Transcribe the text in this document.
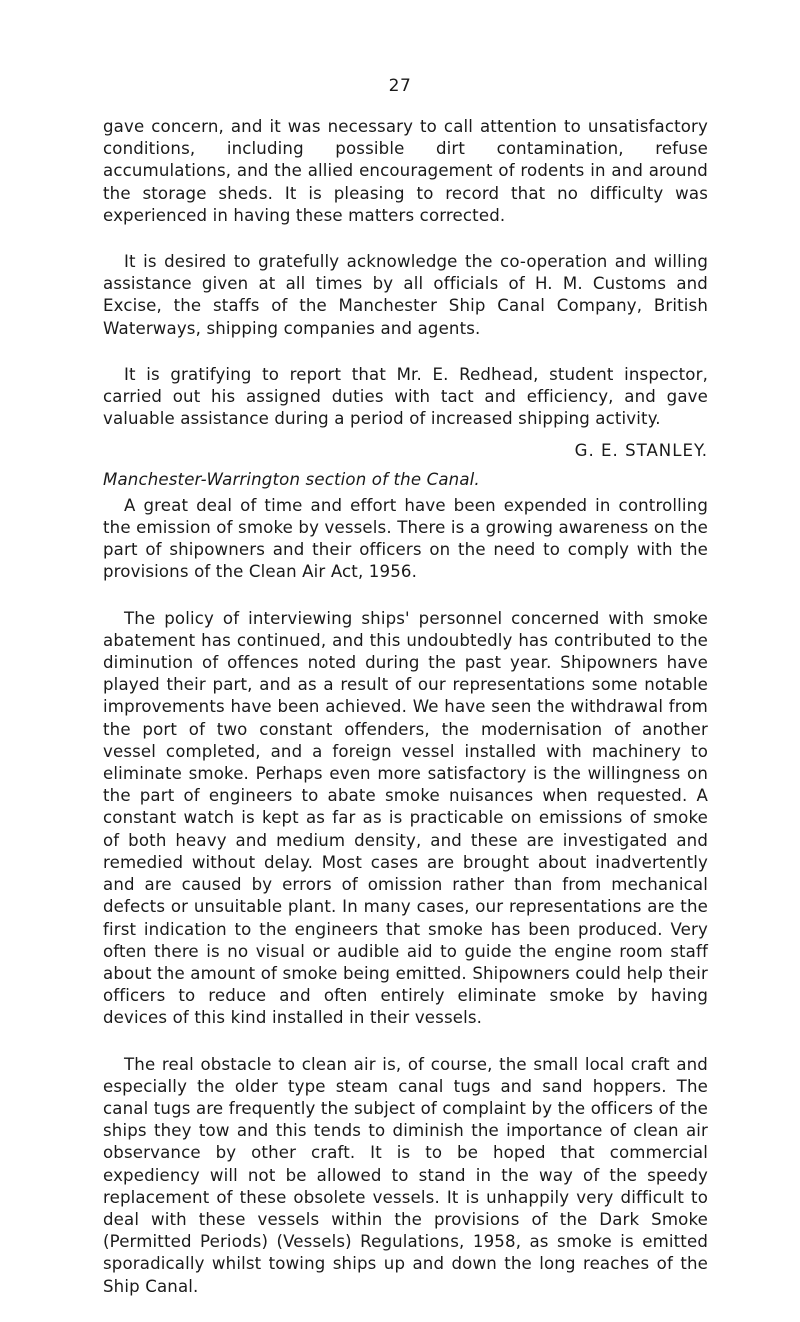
27

gave concern, and it was necessary to call attention to unsatisfactory conditions, including possible dirt contamination, refuse accumulations, and the allied encouragement of rodents in and around the storage sheds. It is pleasing to record that no difficulty was experienced in having these matters corrected.

It is desired to gratefully acknowledge the co-operation and willing assistance given at all times by all officials of H. M. Customs and Excise, the staffs of the Manchester Ship Canal Company, British Waterways, shipping companies and agents.

It is gratifying to report that Mr. E. Redhead, student inspector, carried out his assigned duties with tact and efficiency, and gave valuable assistance during a period of increased shipping activity.

G. E. STANLEY.

Manchester-Warrington section of the Canal.

A great deal of time and effort have been expended in controlling the emission of smoke by vessels. There is a growing awareness on the part of shipowners and their officers on the need to comply with the provisions of the Clean Air Act, 1956.

The policy of interviewing ships' personnel concerned with smoke abatement has continued, and this undoubtedly has contributed to the diminution of offences noted during the past year. Shipowners have played their part, and as a result of our representations some notable improvements have been achieved. We have seen the withdrawal from the port of two constant offenders, the modernisation of another vessel completed, and a foreign vessel installed with machinery to eliminate smoke. Perhaps even more satisfactory is the willingness on the part of engineers to abate smoke nuisances when requested. A constant watch is kept as far as is practicable on emissions of smoke of both heavy and medium density, and these are investigated and remedied without delay. Most cases are brought about inadvertently and are caused by errors of omission rather than from mechanical defects or unsuitable plant. In many cases, our representations are the first indication to the engineers that smoke has been produced. Very often there is no visual or audible aid to guide the engine room staff about the amount of smoke being emitted. Shipowners could help their officers to reduce and often entirely eliminate smoke by having devices of this kind installed in their vessels.

The real obstacle to clean air is, of course, the small local craft and especially the older type steam canal tugs and sand hoppers. The canal tugs are frequently the subject of complaint by the officers of the ships they tow and this tends to diminish the importance of clean air observance by other craft. It is to be hoped that commercial expediency will not be allowed to stand in the way of the speedy replacement of these obsolete vessels. It is unhappily very difficult to deal with these vessels within the provisions of the Dark Smoke (Permitted Periods) (Vessels) Regulations, 1958, as smoke is emitted sporadically whilst towing ships up and down the long reaches of the Ship Canal.
